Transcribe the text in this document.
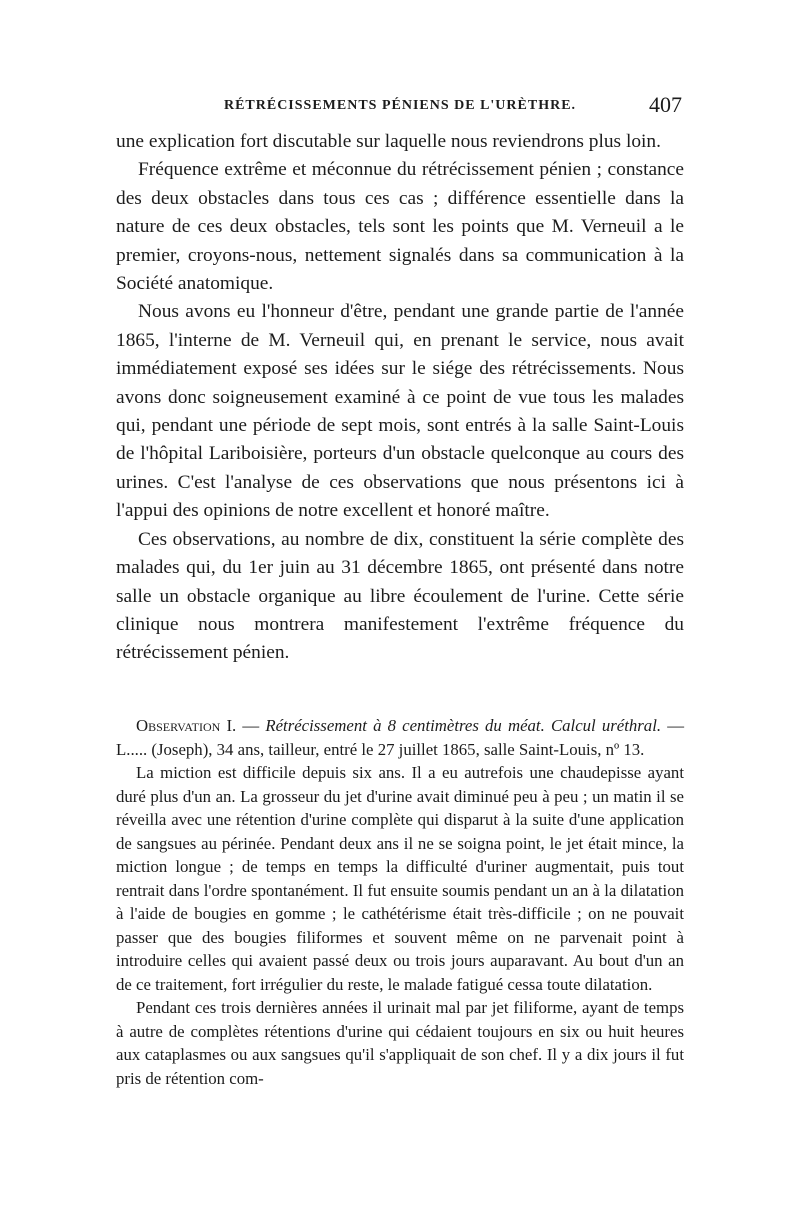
RÉTRÉCISSEMENTS PÉNIENS DE L'URÈTHRE.	407

une explication fort discutable sur laquelle nous reviendrons plus loin.

Fréquence extrême et méconnue du rétrécissement pénien ; constance des deux obstacles dans tous ces cas ; différence essentielle dans la nature de ces deux obstacles, tels sont les points que M. Verneuil a le premier, croyons-nous, nettement signalés dans sa communication à la Société anatomique.

Nous avons eu l'honneur d'être, pendant une grande partie de l'année 1865, l'interne de M. Verneuil qui, en prenant le service, nous avait immédiatement exposé ses idées sur le siége des rétrécissements. Nous avons donc soigneusement examiné à ce point de vue tous les malades qui, pendant une période de sept mois, sont entrés à la salle Saint-Louis de l'hôpital Lariboisière, porteurs d'un obstacle quelconque au cours des urines. C'est l'analyse de ces observations que nous présentons ici à l'appui des opinions de notre excellent et honoré maître.

Ces observations, au nombre de dix, constituent la série complète des malades qui, du 1er juin au 31 décembre 1865, ont présenté dans notre salle un obstacle organique au libre écoulement de l'urine. Cette série clinique nous montrera manifestement l'extrême fréquence du rétrécissement pénien.

Observation I. — Rétrécissement à 8 centimètres du méat. Calcul uréthral. — L..... (Joseph), 34 ans, tailleur, entré le 27 juillet 1865, salle Saint-Louis, nº 13.

La miction est difficile depuis six ans. Il a eu autrefois une chaudepisse ayant duré plus d'un an. La grosseur du jet d'urine avait diminué peu à peu ; un matin il se réveilla avec une rétention d'urine complète qui disparut à la suite d'une application de sangsues au périnée. Pendant deux ans il ne se soigna point, le jet était mince, la miction longue ; de temps en temps la difficulté d'uriner augmentait, puis tout rentrait dans l'ordre spontanément. Il fut ensuite soumis pendant un an à la dilatation à l'aide de bougies en gomme ; le cathétérisme était très-difficile ; on ne pouvait passer que des bougies filiformes et souvent même on ne parvenait point à introduire celles qui avaient passé deux ou trois jours auparavant. Au bout d'un an de ce traitement, fort irrégulier du reste, le malade fatigué cessa toute dilatation.

Pendant ces trois dernières années il urinait mal par jet filiforme, ayant de temps à autre de complètes rétentions d'urine qui cédaient toujours en six ou huit heures aux cataplasmes ou aux sangsues qu'il s'appliquait de son chef. Il y a dix jours il fut pris de rétention com-
